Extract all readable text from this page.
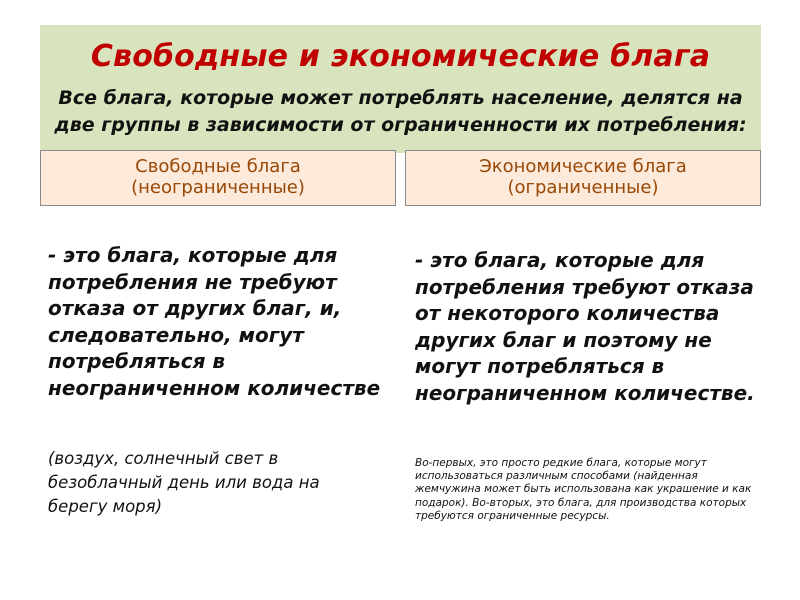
Свободные и экономические блага
Все блага, которые может потреблять население, делятся на две группы в зависимости от ограниченности их потребления:
Свободные блага
(неограниченные)
Экономические блага
(ограниченные)
- это блага, которые для потребления не требуют отказа от других благ, и, следовательно, могут потребляться в неограниченном количестве
(воздух, солнечный свет в безоблачный день или вода на берегу моря)
- это блага, которые для потребления требуют отказа от некоторого количества других благ и поэтому не могут потребляться в неограниченном количестве.
Во-первых, это просто редкие блага, которые могут использоваться различным способами (найденная жемчужина может быть использована как украшение и как подарок). Во-вторых, это блага, для производства которых требуются ограниченные ресурсы.
